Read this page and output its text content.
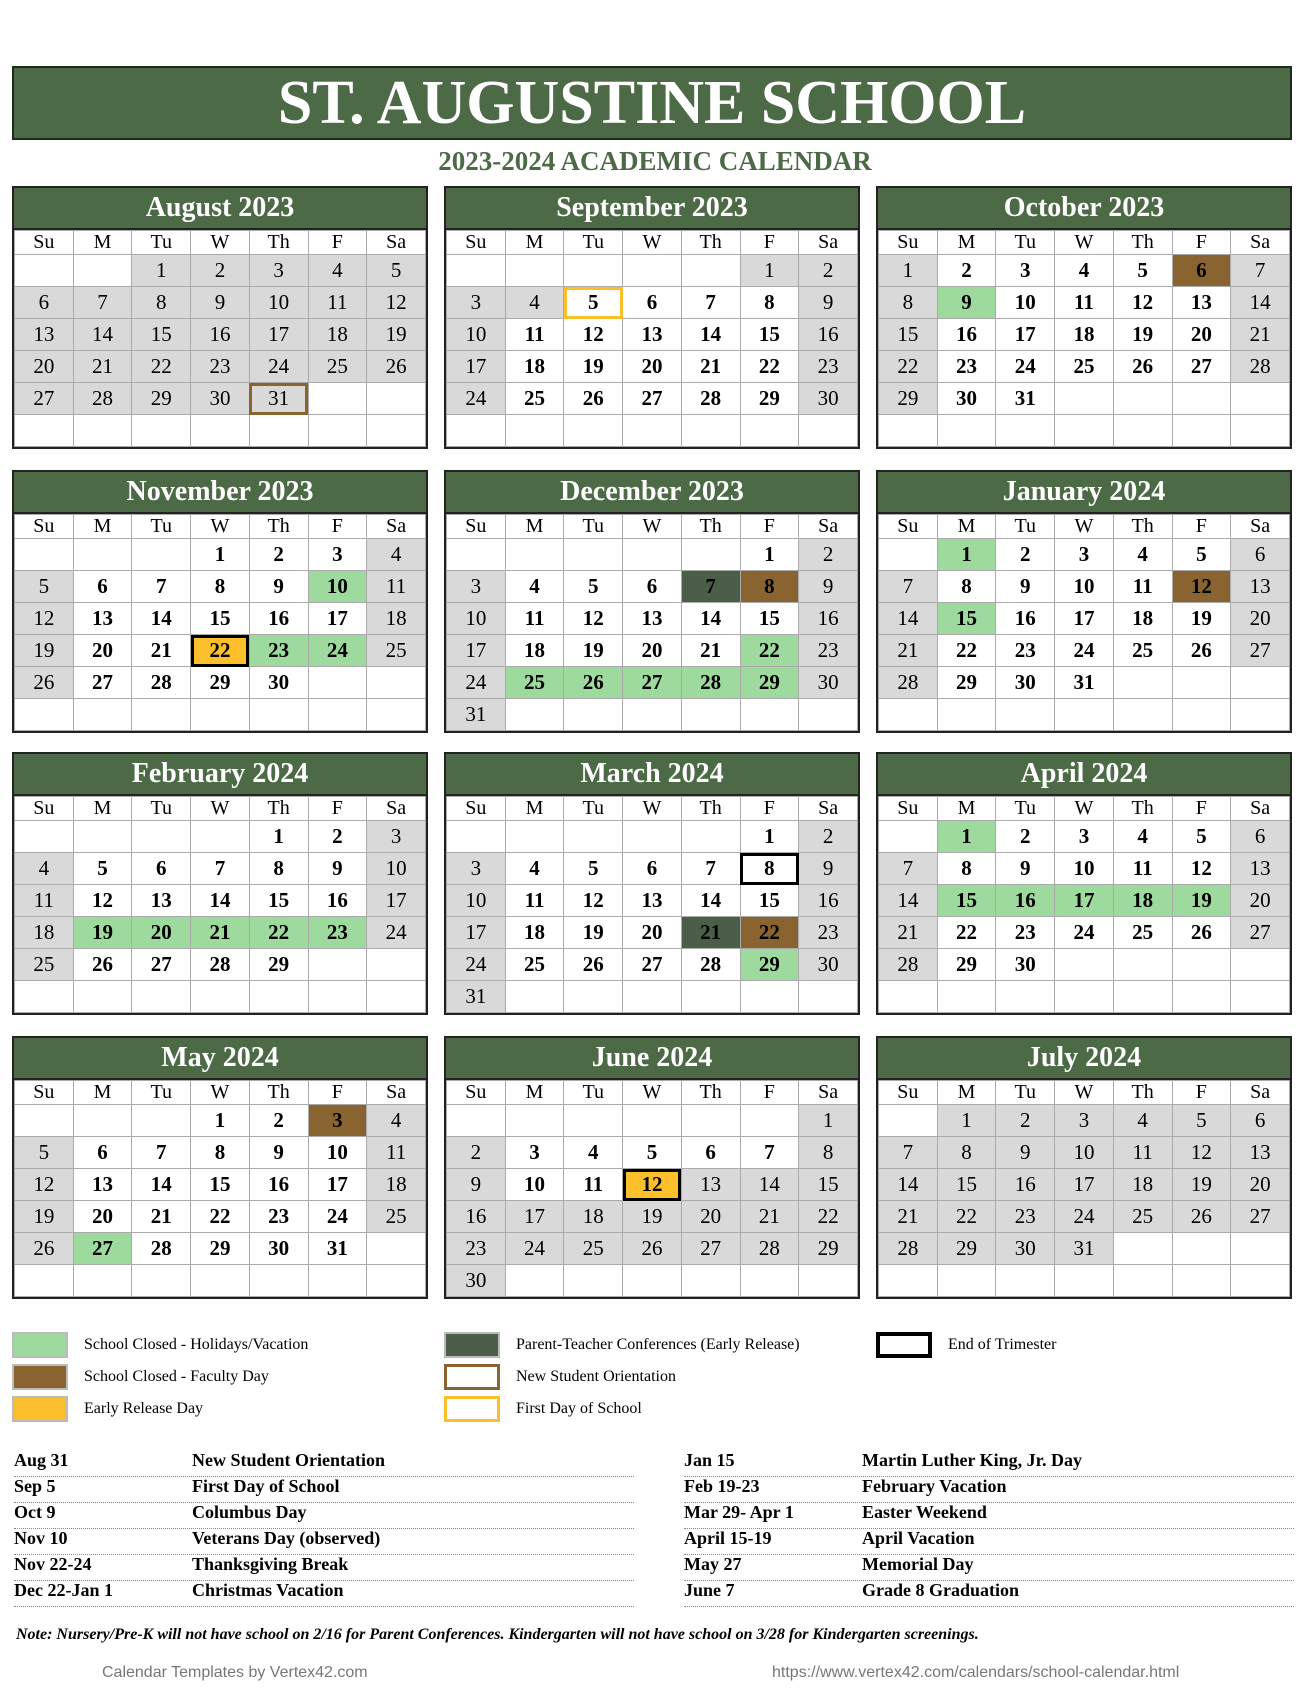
ST. AUGUSTINE SCHOOL
2023-2024 ACADEMIC CALENDAR
August 2023
Su	M	Tu	W	Th	F	Sa
		1	2	3	4	5
6	7	8	9	10	11	12
13	14	15	16	17	18	19
20	21	22	23	24	25	26
27	28	29	30	31		

September 2023
Su	M	Tu	W	Th	F	Sa
					1	2
3	4	5	6	7	8	9
10	11	12	13	14	15	16
17	18	19	20	21	22	23
24	25	26	27	28	29	30

October 2023
Su	M	Tu	W	Th	F	Sa
1	2	3	4	5	6	7
8	9	10	11	12	13	14
15	16	17	18	19	20	21
22	23	24	25	26	27	28
29	30	31				

November 2023
Su	M	Tu	W	Th	F	Sa
			1	2	3	4
5	6	7	8	9	10	11
12	13	14	15	16	17	18
19	20	21	22	23	24	25
26	27	28	29	30		

December 2023
Su	M	Tu	W	Th	F	Sa
					1	2
3	4	5	6	7	8	9
10	11	12	13	14	15	16
17	18	19	20	21	22	23
24	25	26	27	28	29	30
31						
January 2024
Su	M	Tu	W	Th	F	Sa
	1	2	3	4	5	6
7	8	9	10	11	12	13
14	15	16	17	18	19	20
21	22	23	24	25	26	27
28	29	30	31			

February 2024
Su	M	Tu	W	Th	F	Sa
				1	2	3
4	5	6	7	8	9	10
11	12	13	14	15	16	17
18	19	20	21	22	23	24
25	26	27	28	29		

March 2024
Su	M	Tu	W	Th	F	Sa
					1	2
3	4	5	6	7	8	9
10	11	12	13	14	15	16
17	18	19	20	21	22	23
24	25	26	27	28	29	30
31						
April 2024
Su	M	Tu	W	Th	F	Sa
	1	2	3	4	5	6
7	8	9	10	11	12	13
14	15	16	17	18	19	20
21	22	23	24	25	26	27
28	29	30				

May 2024
Su	M	Tu	W	Th	F	Sa
			1	2	3	4
5	6	7	8	9	10	11
12	13	14	15	16	17	18
19	20	21	22	23	24	25
26	27	28	29	30	31	

June 2024
Su	M	Tu	W	Th	F	Sa
						1
2	3	4	5	6	7	8
9	10	11	12	13	14	15
16	17	18	19	20	21	22
23	24	25	26	27	28	29
30						
July 2024
Su	M	Tu	W	Th	F	Sa
	1	2	3	4	5	6
7	8	9	10	11	12	13
14	15	16	17	18	19	20
21	22	23	24	25	26	27
28	29	30	31			

School Closed - Holidays/Vacation
School Closed - Faculty Day
Early Release Day
Parent-Teacher Conferences (Early Release)
New Student Orientation
First Day of School
End of Trimester
Aug 31	New Student Orientation
Sep 5	First Day of School
Oct 9	Columbus Day
Nov 10	Veterans Day (observed)
Nov 22-24	Thanksgiving Break
Dec 22-Jan 1	Christmas Vacation
Jan 15	Martin Luther King, Jr. Day
Feb 19-23	February Vacation
Mar 29- Apr 1	Easter Weekend
April 15-19	April Vacation
May 27	Memorial Day
June 7	Grade 8 Graduation
Note: Nursery/Pre-K will not have school on 2/16 for Parent Conferences. Kindergarten will not have school on 3/28 for Kindergarten screenings.
Calendar Templates by Vertex42.com	https://www.vertex42.com/calendars/school-calendar.html
